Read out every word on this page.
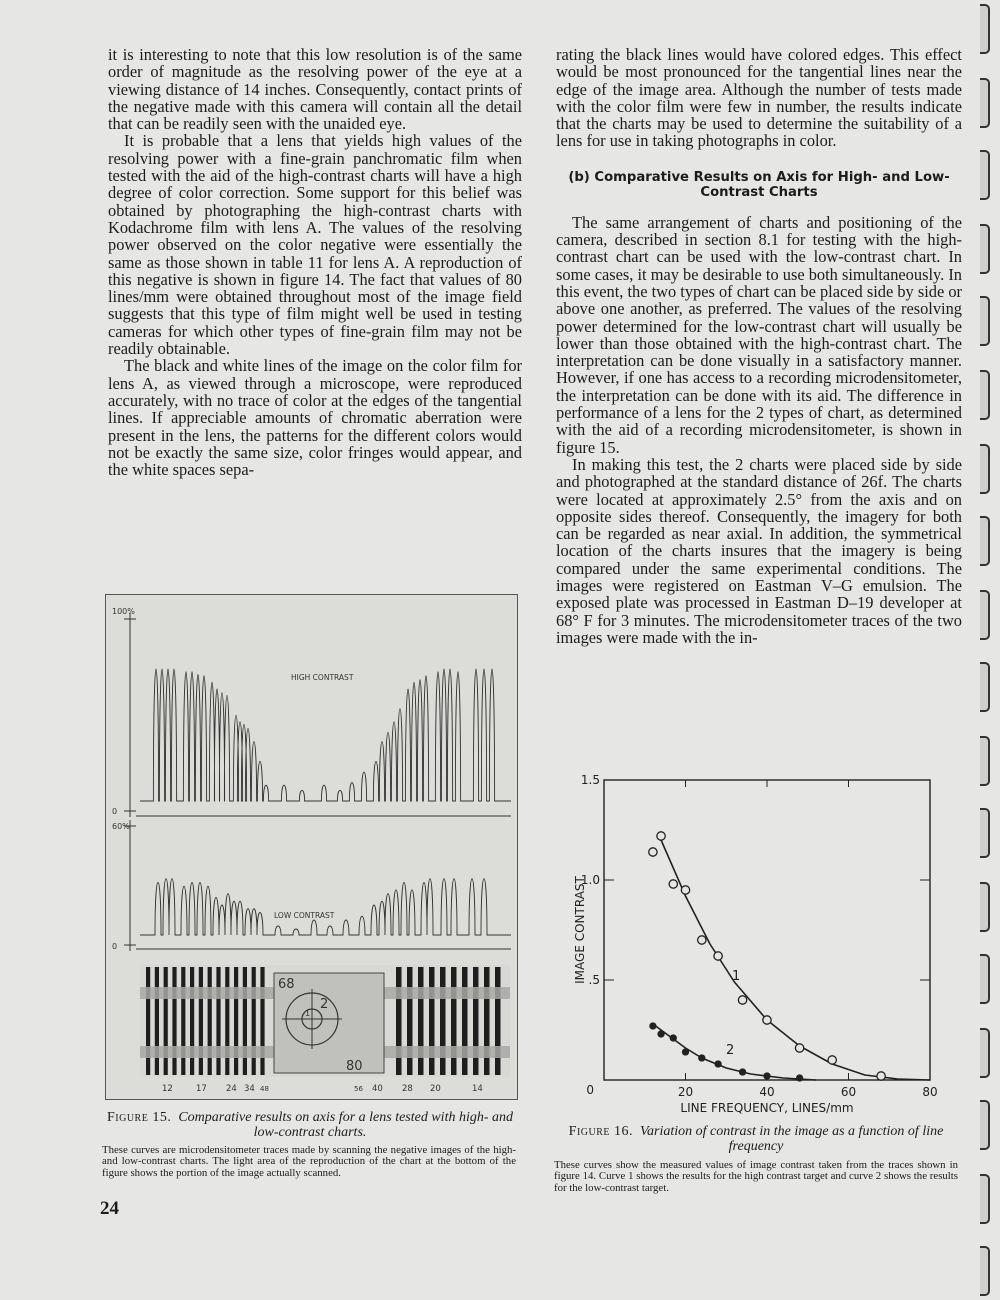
it is interesting to note that this low resolution is of the same order of magnitude as the resolving power of the eye at a viewing distance of 14 inches. Consequently, contact prints of the negative made with this camera will contain all the detail that can be readily seen with the unaided eye.

It is probable that a lens that yields high values of the resolving power with a fine-grain panchromatic film when tested with the aid of the high-contrast charts will have a high degree of color correction. Some support for this belief was obtained by photographing the high-contrast charts with Kodachrome film with lens A. The values of the resolving power observed on the color negative were essentially the same as those shown in table 11 for lens A. A reproduction of this negative is shown in figure 14. The fact that values of 80 lines/mm were obtained throughout most of the image field suggests that this type of film might well be used in testing cameras for which other types of fine-grain film may not be readily obtainable.

The black and white lines of the image on the color film for lens A, as viewed through a microscope, were reproduced accurately, with no trace of color at the edges of the tangential lines. If appreciable amounts of chromatic aberration were present in the lens, the patterns for the different colors would not be exactly the same size, color fringes would appear, and the white spaces sepa-

rating the black lines would have colored edges. This effect would be most pronounced for the tangential lines near the edge of the image area. Although the number of tests made with the color film were few in number, the results indicate that the charts may be used to determine the suitability of a lens for use in taking photographs in color.

(b) Comparative Results on Axis for High- and Low-Contrast Charts

The same arrangement of charts and positioning of the camera, described in section 8.1 for testing with the high-contrast chart can be used with the low-contrast chart. In some cases, it may be desirable to use both simultaneously. In this event, the two types of chart can be placed side by side or above one another, as preferred. The values of the resolving power determined for the low-contrast chart will usually be lower than those obtained with the high-contrast chart. The interpretation can be done visually in a satisfactory manner. However, if one has access to a recording microdensitometer, the interpretation can be done with its aid. The difference in performance of a lens for the 2 types of chart, as determined with the aid of a recording microdensitometer, is shown in figure 15.

In making this test, the 2 charts were placed side by side and photographed at the standard distance of 26f. The charts were located at approximately 2.5° from the axis and on opposite sides thereof. Consequently, the imagery for both can be regarded as near axial. In addition, the symmetrical location of the charts insures that the imagery is being compared under the same experimental conditions. The images were registered on Eastman V–G emulsion. The exposed plate was processed in Eastman D–19 developer at 68° F for 3 minutes. The microdensitometer traces of the two images were made with the in-

100%
0
HIGH CONTRAST
60%
0
LOW CONTRAST
68
2
1
80
12	17 24 34 48	56 40 28 20	14
Figure 15. Comparative results on axis for a lens tested with high- and low-contrast charts.
These curves are microdensitometer traces made by scanning the negative images of the high- and low-contrast charts. The light area of the reproduction of the chart at the bottom of the figure shows the portion of the image actually scanned.
20	40	60	80
0
.5
1.0
1.5
LINE FREQUENCY, LINES/mm
IMAGE CONTRAST	1
2
Figure 16. Variation of contrast in the image as a function of line frequency
These curves show the measured values of image contrast taken from the traces shown in figure 14. Curve 1 shows the results for the high contrast target and curve 2 shows the results for the low-contrast target.
24
